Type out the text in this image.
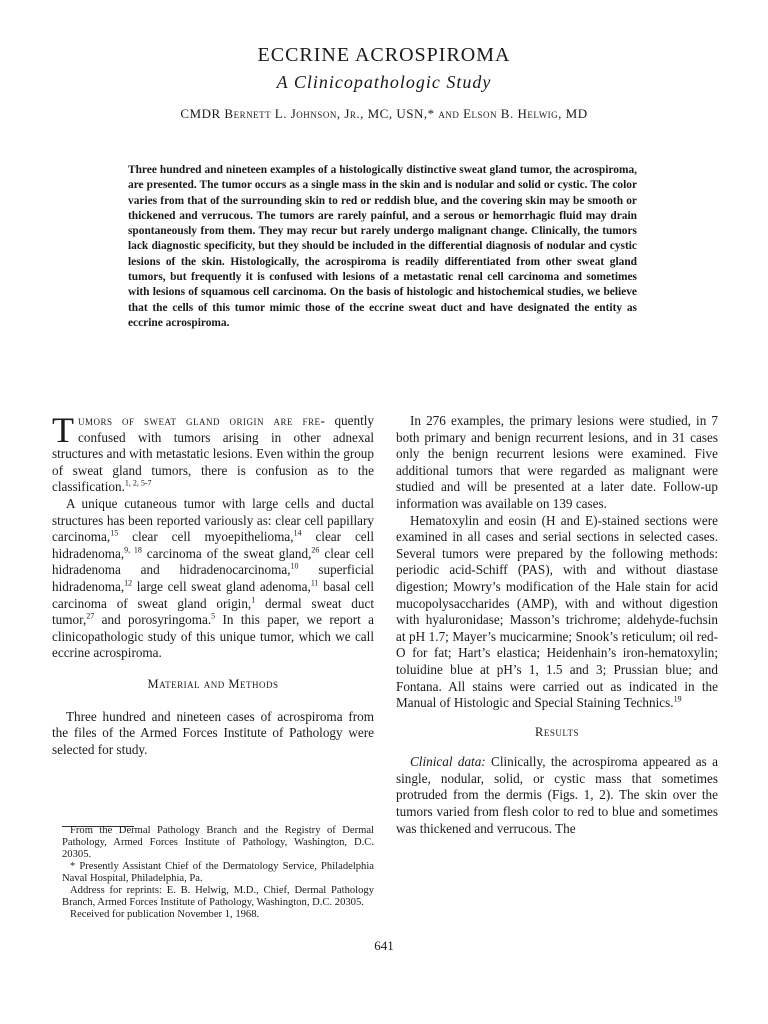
ECCRINE ACROSPIROMA
A Clinicopathologic Study
CMDR Bernett L. Johnson, Jr., MC, USN,* and Elson B. Helwig, MD
Three hundred and nineteen examples of a histologically distinctive sweat gland tumor, the acrospiroma, are presented. The tumor occurs as a single mass in the skin and is nodular and solid or cystic. The color varies from that of the surrounding skin to red or reddish blue, and the covering skin may be smooth or thickened and verrucous. The tumors are rarely painful, and a serous or hemorrhagic fluid may drain spontaneously from them. They may recur but rarely undergo malignant change. Clinically, the tumors lack diagnostic specificity, but they should be included in the differential diagnosis of nodular and cystic lesions of the skin. Histologically, the acrospiroma is readily differentiated from other sweat gland tumors, but frequently it is confused with lesions of a metastatic renal cell carcinoma and sometimes with lesions of squamous cell carcinoma. On the basis of histologic and histochemical studies, we believe that the cells of this tumor mimic those of the eccrine sweat duct and have designated the entity as eccrine acrospiroma.

Tumors of sweat gland origin are fre- quently confused with tumors arising in other adnexal structures and with metastatic lesions. Even within the group of sweat gland tumors, there is confusion as to the classification.$^{1, 2, 5-7}$

A unique cutaneous tumor with large cells and ductal structures has been reported variously as: clear cell papillary carcinoma,$^{15}$ clear cell myoepithelioma,$^{14}$ clear cell hidradenoma,$^{9, 18}$ carcinoma of the sweat gland,$^{26}$ clear cell hidradenoma and hidradenocarcinoma,$^{10}$ superficial hidradenoma,$^{12}$ large cell sweat gland adenoma,$^{11}$ basal cell carcinoma of sweat gland origin,$^1$ dermal sweat duct tumor,$^{27}$ and porosyringoma.$^5$ In this paper, we report a clinicopathologic study of this unique tumor, which we call eccrine acrospiroma.

Material and Methods

Three hundred and nineteen cases of acrospiroma from the files of the Armed Forces Institute of Pathology were selected for study.

From the Dermal Pathology Branch and the Registry of Dermal Pathology, Armed Forces Institute of Pathology, Washington, D.C. 20305.

* Presently Assistant Chief of the Dermatology Service, Philadelphia Naval Hospital, Philadelphia, Pa.

Address for reprints: E. B. Helwig, M.D., Chief, Dermal Pathology Branch, Armed Forces Institute of Pathology, Washington, D.C. 20305.

Received for publication November 1, 1968.

In 276 examples, the primary lesions were studied, in 7 both primary and benign recurrent lesions, and in 31 cases only the benign recurrent lesions were examined. Five additional tumors that were regarded as malignant were studied and will be presented at a later date. Follow-up information was available on 139 cases.

Hematoxylin and eosin (H and E)-stained sections were examined in all cases and serial sections in selected cases. Several tumors were prepared by the following methods: periodic acid-Schiff (PAS), with and without diastase digestion; Mowry’s modification of the Hale stain for acid mucopolysaccharides (AMP), with and without digestion with hyaluronidase; Masson’s trichrome; aldehyde-fuchsin at pH 1.7; Mayer’s mucicarmine; Snook’s reticulum; oil red-O for fat; Hart’s elastica; Heidenhain’s iron-hematoxylin; toluidine blue at pH’s 1, 1.5 and 3; Prussian blue; and Fontana. All stains were carried out as indicated in the Manual of Histologic and Special Staining Technics.$^{19}$

Results

Clinical data: Clinically, the acrospiroma appeared as a single, nodular, solid, or cystic mass that sometimes protruded from the dermis (Figs. 1, 2). The skin over the tumors varied from flesh color to red to blue and sometimes was thickened and verrucous. The

641
